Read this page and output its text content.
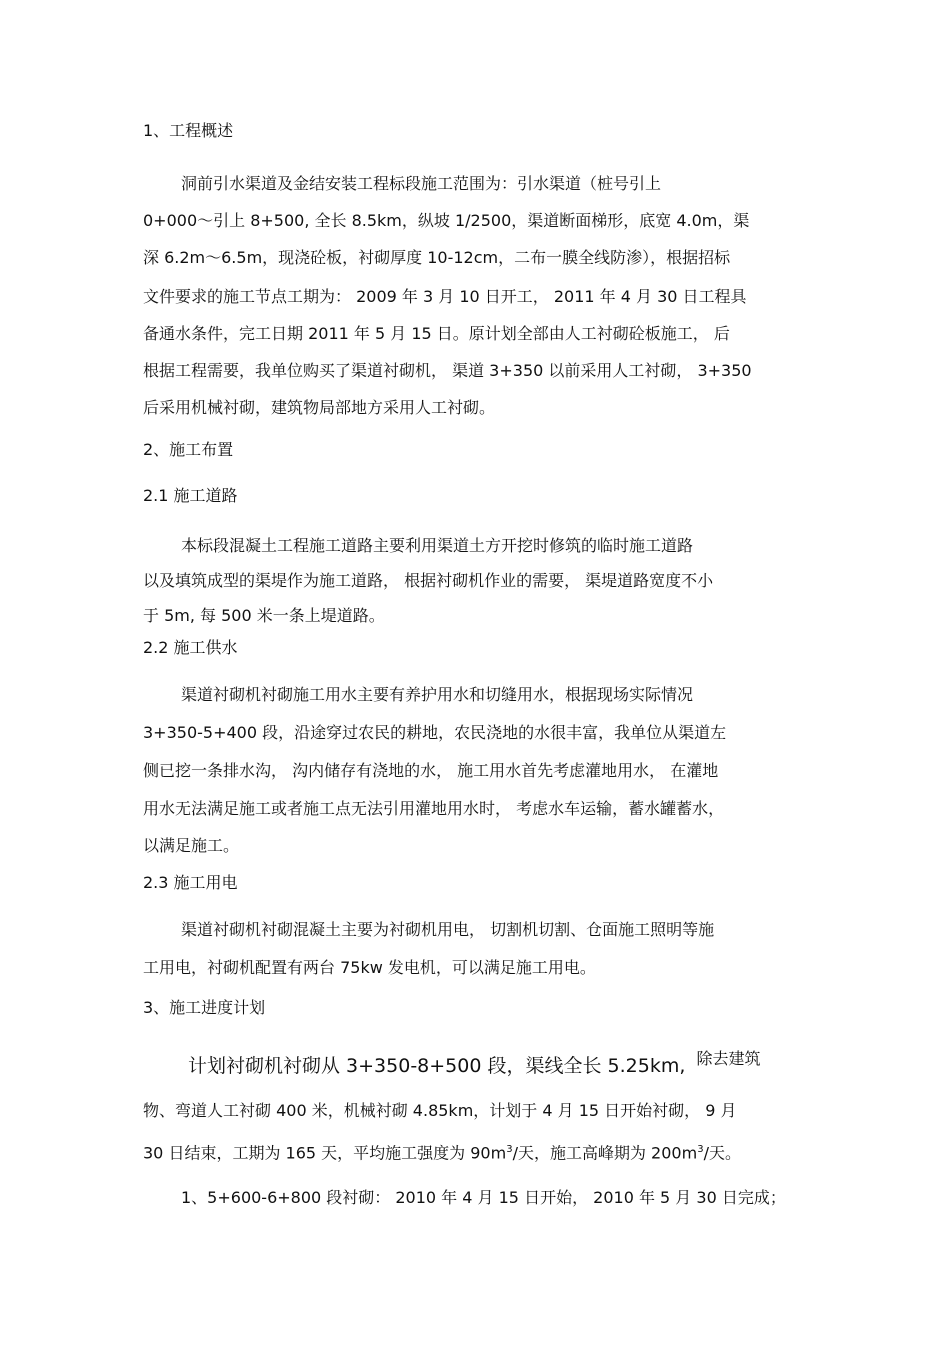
1、工程概述
洞前引水渠道及金结安装工程标段施工范围为：引水渠道（桩号引上
0+000～引上 8+500, 全长 8.5km，纵坡 1/2500，渠道断面梯形，底宽 4.0m，渠
深 6.2m～6.5m，现浇砼板，衬砌厚度 10-12cm，二布一膜全线防渗），根据招标
文件要求的施工节点工期为： 2009 年 3 月 10 日开工， 2011 年 4 月 30 日工程具
备通水条件，完工日期 2011 年 5 月 15 日。原计划全部由人工衬砌砼板施工， 后
根据工程需要，我单位购买了渠道衬砌机， 渠道 3+350 以前采用人工衬砌， 3+350
后采用机械衬砌，建筑物局部地方采用人工衬砌。
2、施工布置
2.1 施工道路
本标段混凝土工程施工道路主要利用渠道土方开挖时修筑的临时施工道路
以及填筑成型的渠堤作为施工道路， 根据衬砌机作业的需要， 渠堤道路宽度不小
于 5m, 每 500 米一条上堤道路。
2.2 施工供水
渠道衬砌机衬砌施工用水主要有养护用水和切缝用水，根据现场实际情况
3+350-5+400 段，沿途穿过农民的耕地，农民浇地的水很丰富，我单位从渠道左
侧已挖一条排水沟， 沟内储存有浇地的水， 施工用水首先考虑灌地用水， 在灌地
用水无法满足施工或者施工点无法引用灌地用水时， 考虑水车运输，蓄水罐蓄水，
以满足施工。
2.3 施工用电
渠道衬砌机衬砌混凝土主要为衬砌机用电， 切割机切割、仓面施工照明等施
工用电，衬砌机配置有两台 75kw 发电机，可以满足施工用电。
3、施工进度计划
计划衬砌机衬砌从 3+350-8+500 段，渠线全长 5.25km, 除去建筑
物、弯道人工衬砌 400 米，机械衬砌 4.85km，计划于 4 月 15 日开始衬砌， 9 月
30 日结束，工期为 165 天，平均施工强度为 $90m^3/$天，施工高峰期为 $200m^3/$天。
1、5+600-6+800 段衬砌： 2010 年 4 月 15 日开始， 2010 年 5 月 30 日完成；
